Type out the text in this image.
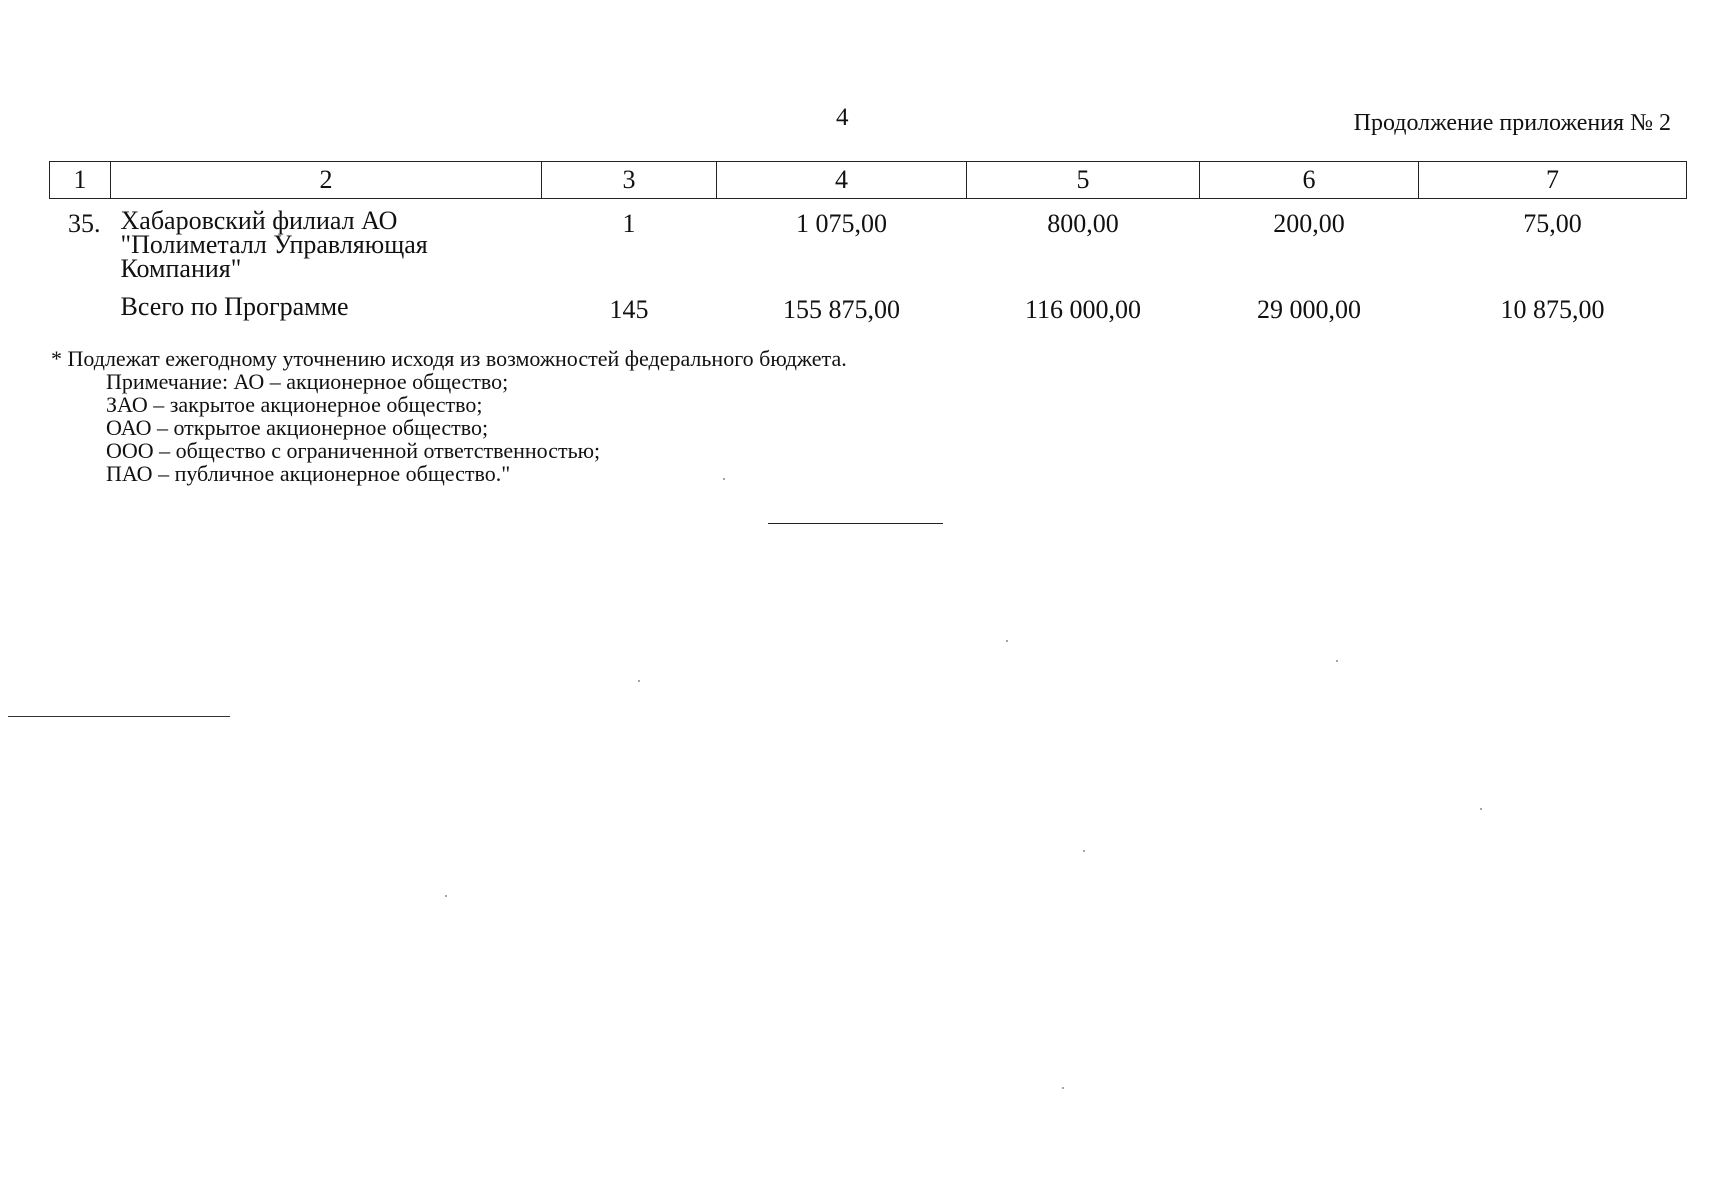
4	Продолжение приложения № 2
1	2	3	4	5	6	7
35.	Хабаровский филиал АО
"Полиметалл Управляющая
Компания"	1	1 075,00	800,00	200,00	75,00
	Всего по Программе	145	155 875,00	116 000,00	29 000,00	10 875,00
* Подлежат ежегодному уточнению исходя из возможностей федерального бюджета.
Примечание: АО – акционерное общество;
ЗАО – закрытое акционерное общество;
ОАО – открытое акционерное общество;
ООО – общество с ограниченной ответственностью;
ПАО – публичное акционерное общество."
